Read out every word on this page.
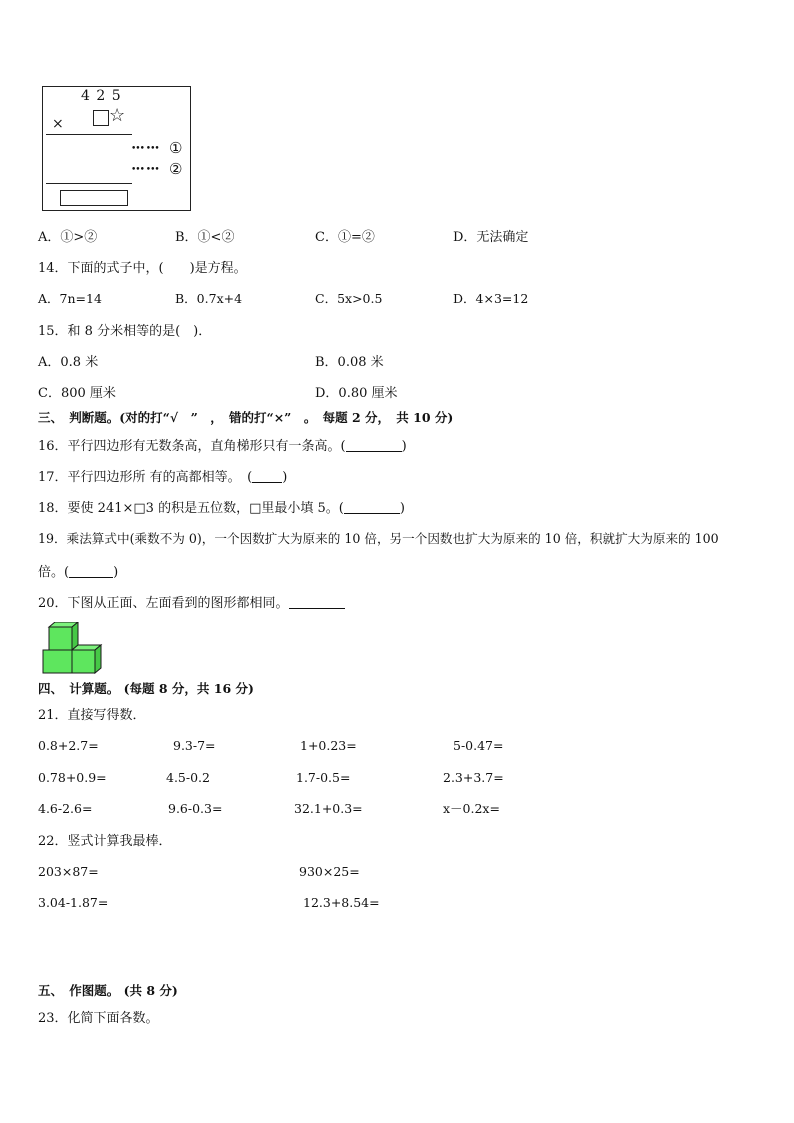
4 2 5
×	☆
••• ••• ①
••• ••• ②
A．①>②	B．①<②	C．①=②	D．无法确定
14．下面的式子中，(　　)是方程。
A．7n=14	B．0.7x+4	C．5x>0.5	D．4×3=12
15．和 8 分米相等的是(　)．
A．0.8 米	B．0.08 米
C．800 厘米	D．0.80 厘米
三、　判断题。(对的打“√　”　，　错的打“×”　。　每题 2 分，　共 10 分)
16．平行四边形有无数条高，直角梯形只有一条高。(	)
17．平行四边形所 有的高都相等。　( )
18．要使 241×□3 的积是五位数，□里最小填 5。(	)
19．乘法算式中(乘数不为 0)，一个因数扩大为原来的 10 倍，另一个因数也扩大为原来的 10 倍，积就扩大为原来的 100
倍。(	)
20．下图从正面、左面看到的图形都相同。
四、　计算题。 (每题 8 分，共 16 分)
21．直接写得数．
0.8+2.7=	9.3-7=	1+0.23=	5-0.47=
0.78+0.9=	4.5-0.2	1.7-0.5=	2.3+3.7=
4.6-2.6=	9.6-0.3=	32.1+0.3=	x－0.2x=
22．竖式计算我最棒．
203×87=	930×25=
3.04-1.87=	12.3+8.54=
五、　作图题。 (共 8 分)
23．化简下面各数。
